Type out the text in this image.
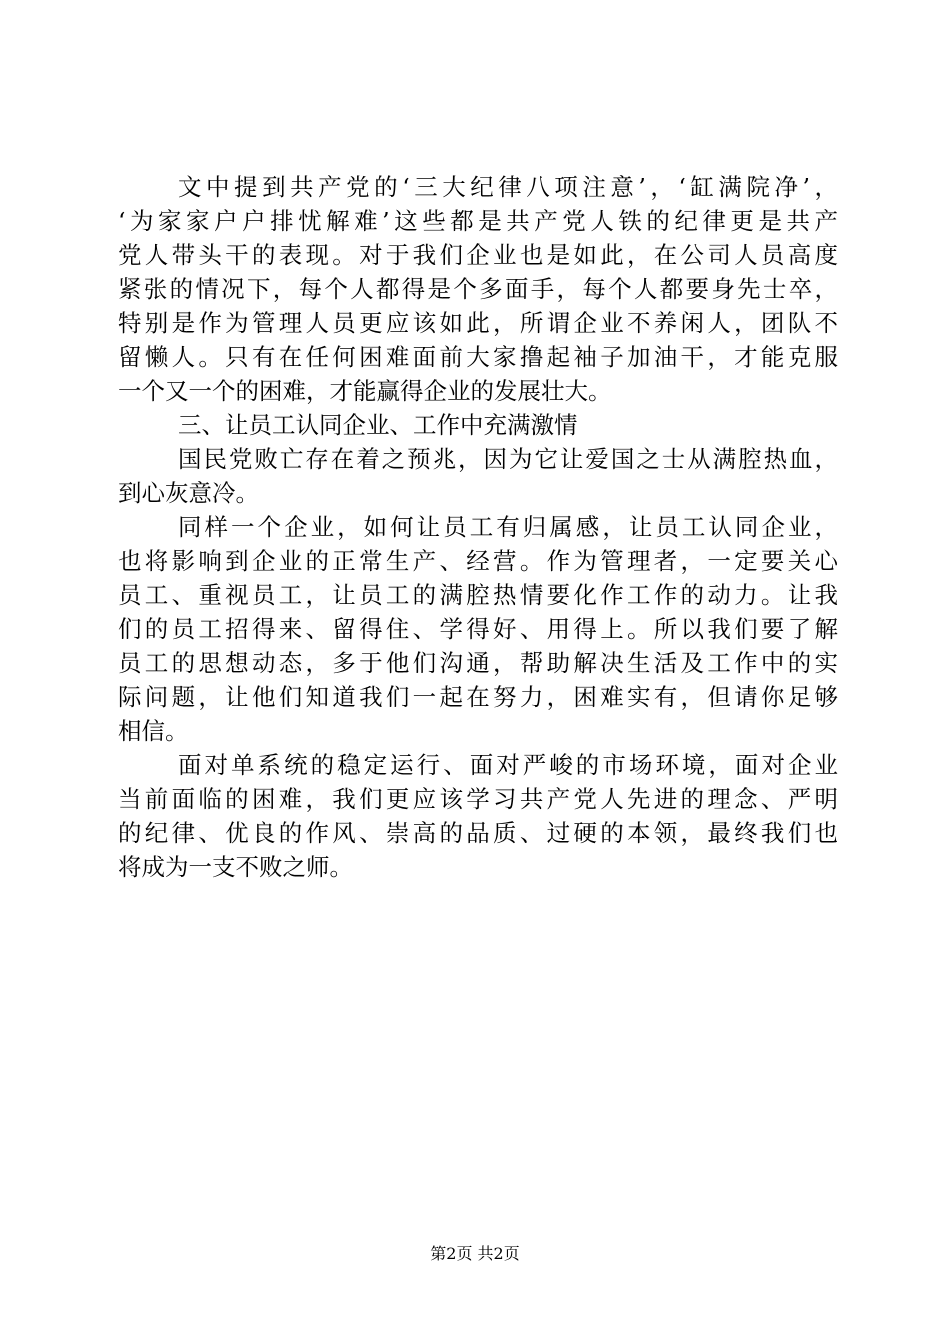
文中提到共产党的‘三大纪律八项注意’，‘缸满院净’，
‘为家家户户排忧解难’这些都是共产党人铁的纪律更是共产
党人带头干的表现。对于我们企业也是如此，在公司人员高度
紧张的情况下，每个人都得是个多面手，每个人都要身先士卒，
特别是作为管理人员更应该如此，所谓企业不养闲人，团队不
留懒人。只有在任何困难面前大家撸起袖子加油干，才能克服
一个又一个的困难，才能赢得企业的发展壮大。
三、让员工认同企业、工作中充满激情
国民党败亡存在着之预兆，因为它让爱国之士从满腔热血，
到心灰意冷。
同样一个企业，如何让员工有归属感，让员工认同企业，
也将影响到企业的正常生产、经营。作为管理者，一定要关心
员工、重视员工，让员工的满腔热情要化作工作的动力。让我
们的员工招得来、留得住、学得好、用得上。所以我们要了解
员工的思想动态，多于他们沟通，帮助解决生活及工作中的实
际问题，让他们知道我们一起在努力，困难实有，但请你足够
相信。
面对单系统的稳定运行、面对严峻的市场环境，面对企业
当前面临的困难，我们更应该学习共产党人先进的理念、严明
的纪律、优良的作风、崇高的品质、过硬的本领，最终我们也
将成为一支不败之师。
第2页 共2页
